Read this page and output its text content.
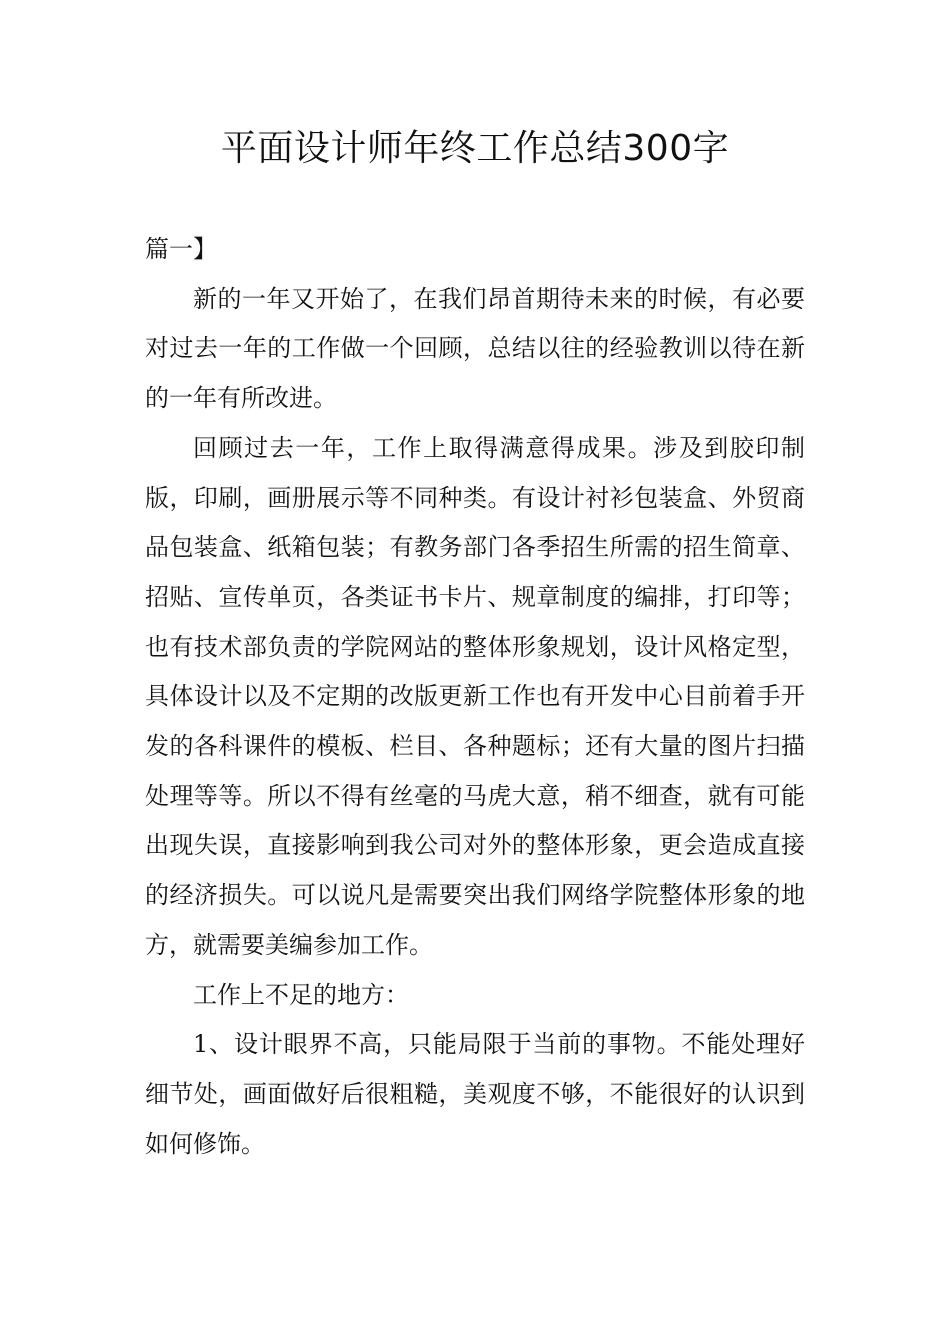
平面设计师年终工作总结300字

篇一】

新的一年又开始了，在我们昂首期待未来的时候，有必要对过去一年的工作做一个回顾，总结以往的经验教训以待在新的一年有所改进。

回顾过去一年，工作上取得满意得成果。涉及到胶印制版，印刷，画册展示等不同种类。有设计衬衫包装盒、外贸商品包装盒、纸箱包装；有教务部门各季招生所需的招生简章、招贴、宣传单页，各类证书卡片、规章制度的编排，打印等；也有技术部负责的学院网站的整体形象规划，设计风格定型，具体设计以及不定期的改版更新工作也有开发中心目前着手开发的各科课件的模板、栏目、各种题标；还有大量的图片扫描处理等等。所以不得有丝毫的马虎大意，稍不细查，就有可能出现失误，直接影响到我公司对外的整体形象，更会造成直接的经济损失。可以说凡是需要突出我们网络学院整体形象的地方，就需要美编参加工作。

工作上不足的地方：

1、设计眼界不高，只能局限于当前的事物。不能处理好细节处，画面做好后很粗糙，美观度不够，不能很好的认识到如何修饰。
